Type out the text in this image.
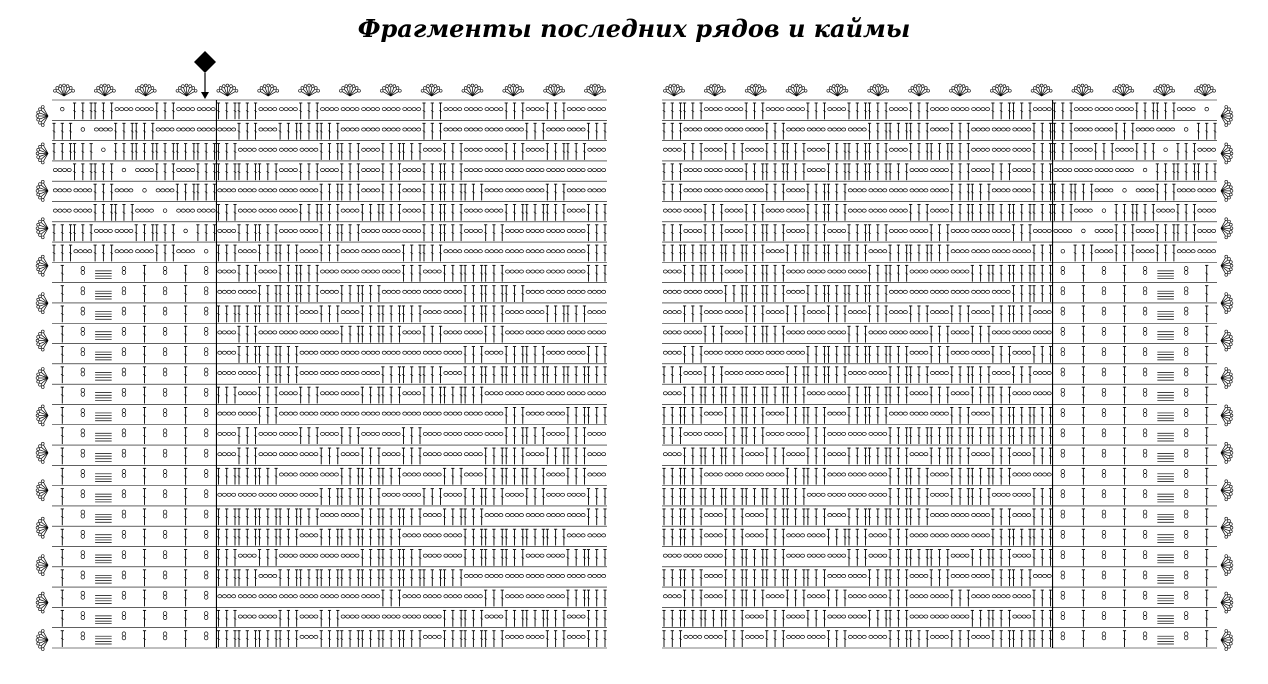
Фрагменты последних рядов и каймы
